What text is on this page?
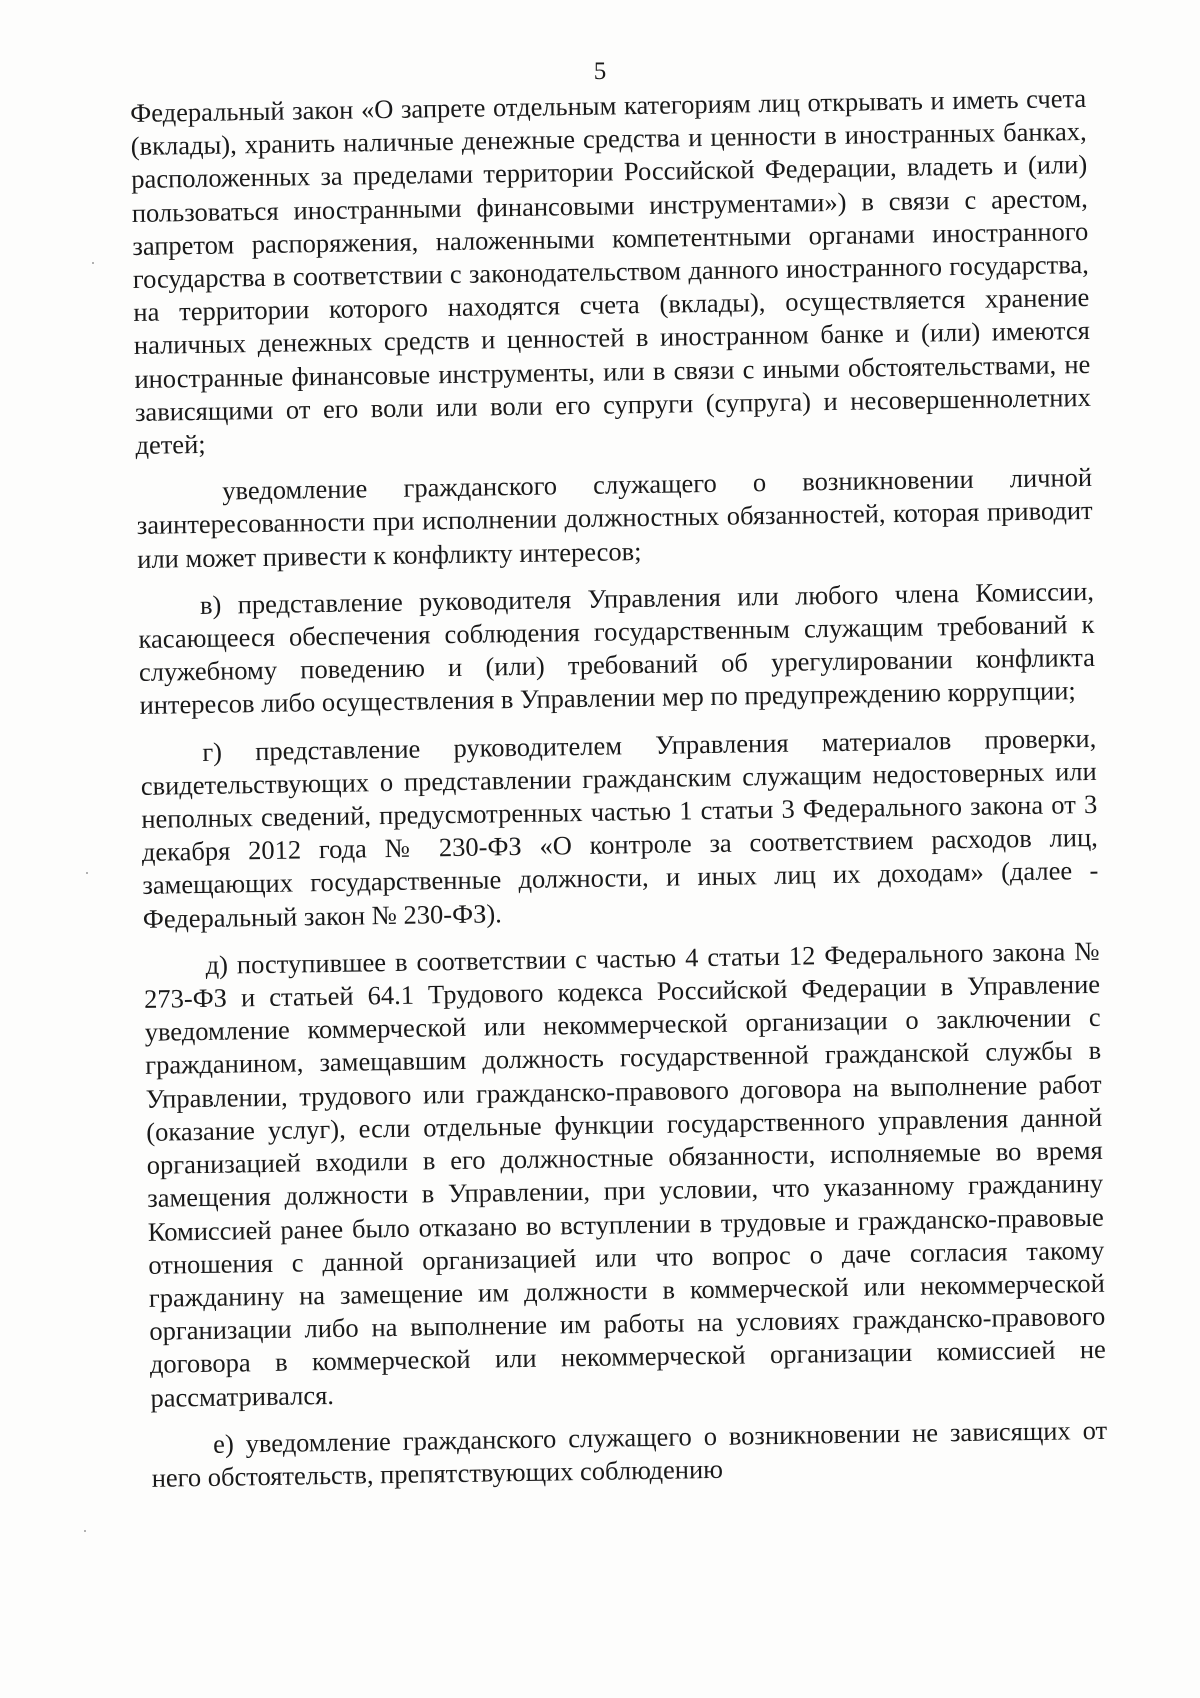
5

Федеральный закон «О запрете отдельным категориям лиц открывать и иметь счета (вклады), хранить наличные денежные средства и ценности в иностранных банках, расположенных за пределами территории Российской Федерации, владеть и (или) пользоваться иностранными финансовыми инструментами») в связи с арестом, запретом распоряжения, наложенными компетентными органами иностранного государства в соответствии с законодательством данного иностранного государства, на территории которого находятся счета (вклады), осуществляется хранение наличных денежных средств и ценностей в иностранном банке и (или) имеются иностранные финансовые инструменты, или в связи с иными обстоятельствами, не зависящими от его воли или воли его супруги (супруга) и несовершеннолетних детей;

уведомление гражданского служащего о возникновении личной заинтересованности при исполнении должностных обязанностей, которая приводит или может привести к конфликту интересов;

в) представление руководителя Управления или любого члена Комиссии, касающееся обеспечения соблюдения государственным служащим требований к служебному поведению и (или) требований об урегулировании конфликта интересов либо осуществления в Управлении мер по предупреждению коррупции;

г) представление руководителем Управления материалов проверки, свидетельствующих о представлении гражданским служащим недостоверных или неполных сведений, предусмотренных частью 1 статьи 3 Федерального закона от 3 декабря 2012 года № 230-ФЗ «О контроле за соответствием расходов лиц, замещающих государственные должности, и иных лиц их доходам» (далее - Федеральный закон № 230-ФЗ).

д) поступившее в соответствии с частью 4 статьи 12 Федерального закона № 273-ФЗ и статьей 64.1 Трудового кодекса Российской Федерации в Управление уведомление коммерческой или некоммерческой организации о заключении с гражданином, замещавшим должность государственной гражданской службы в Управлении, трудового или гражданско-правового договора на выполнение работ (оказание услуг), если отдельные функции государственного управления данной организацией входили в его должностные обязанности, исполняемые во время замещения должности в Управлении, при условии, что указанному гражданину Комиссией ранее было отказано во вступлении в трудовые и гражданско-правовые отношения с данной организацией или что вопрос о даче согласия такому гражданину на замещение им должности в коммерческой или некоммерческой организации либо на выполнение им работы на условиях гражданско-правового договора в коммерческой или некоммерческой организации комиссией не рассматривался.

е) уведомление гражданского служащего о возникновении не зависящих от него обстоятельств, препятствующих соблюдению
